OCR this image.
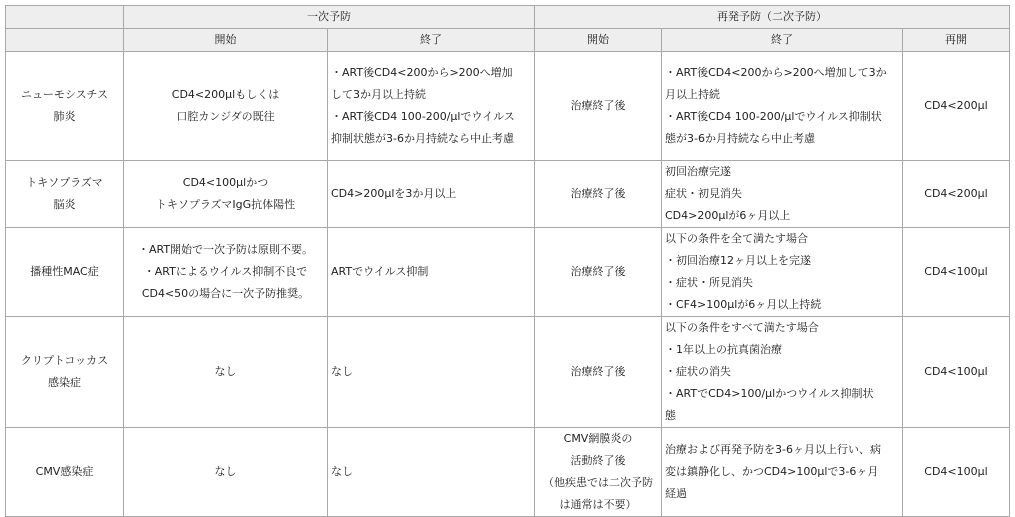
	一次予防		再発予防（二次予防）		
	開始	終了	開始	終了	再開

ニューモシスチス
肺炎	CD4<200μlもしくは
口腔カンジダの既往	・ART後CD4<200から>200へ増加
して3か月以上持続
・ART後CD4 100-200/μlでウイルス
抑制状態が3-6か月持続なら中止考慮	治療終了後	・ART後CD4<200から>200へ増加して3か
月以上持続
・ART後CD4 100-200/μlでウイルス抑制状
態が3-6か月持続なら中止考慮	CD4<200μl

トキソプラズマ
脳炎	CD4<100μlかつ
トキソプラズマIgG抗体陽性	CD4>200μlを3か月以上	治療終了後	初回治療完遂
症状・初見消失
CD4>200μlが6ヶ月以上	CD4<200μl

播種性MAC症	・ART開始で一次予防は原則不要。
・ARTによるウイルス抑制不良で
CD4<50の場合に一次予防推奨。	ARTでウイルス抑制	治療終了後	以下の条件を全て満たす場合
・初回治療12ヶ月以上を完遂
・症状・所見消失
・CF4>100μlが6ヶ月以上持続	CD4<100μl

クリプトコッカス
感染症	なし	なし	治療終了後	以下の条件をすべて満たす場合
・1年以上の抗真菌治療
・症状の消失
・ARTでCD4>100/μlかつウイルス抑制状
態	CD4<100μl

CMV感染症	なし	なし	CMV網膜炎の
活動終了後
（他疾患では二次予防
は通常は不要）	治療および再発予防を3-6ヶ月以上行い、病
変は鎮静化し、かつCD4>100μlで3-6ヶ月
経過	CD4<100μl
